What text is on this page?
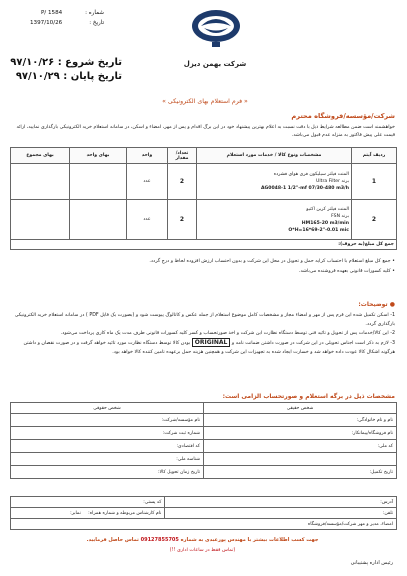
شماره : P/ 1584
تاریخ : 1397/10/26
تاریخ شروع : ۹۷/۱۰/۲۶
تاریخ پایان : ۹۷/۱۰/۲۹
شرکت بهمن دیزل
« فرم استعلام بهای الکترونیکی »
شرکت/مؤسسه/فروشگاه محترم
خواهشمند است ضمن مطالعه شرایط ذیل با دقت نسبت به اعلام بهترین پیشنهاد خود در این برگ اقدام و پس از مهر، امضاء و اسکن، در سامانه استعلام خرید الکترونیکی بارگذاری نمایید، ارائه قیمت علی پیش فاکتور به منزله عدم قبول می‌باشد.
ردیف آیتم	مشخصات ونوع کالا / خدمات مورد استعلام	تعداد/ مقدار	واحد	بهای واحد	بهای مجموع
1	المنت فیلتر سیلیکون فری هوای فشرده
برند Ultra Filter
AG0048-1 1/2"-mf 07/30-480 m3/h	2	عدد		
2	المنت فیلتر کربن اکتیو
برند FSN
HM165-20 m3/min
O*H=16*69-2"-0.01 mic	2	عدد		
جمع کل مبلغ(به حروف):					
• جمع کل مبلغ استعلام با احتساب کرایه حمل و تحویل در محل این شرکت و بدون احتساب ارزش افزوده لحاظ و درج گردد.
• کلیه کسورات قانونی بعهده فروشنده می‌باشد.
● توضیحات:
1- اسکن تکمیل شده این فرم پس از مهر و امضاء مجاز و مشخصات کامل موضوع استعلام از جمله عکس و کاتالوگ پیوست شود و (بصورت یک فایل PDF ) در سامانه استعلام خرید الکترونیکی بارگذاری گردد.
2- این کالا/خدمات پس از تحویل و تائید فنی توسط دستگاه نظارت این شرکت و اخذ صورتحساب و کسر کلیه کسورات قانونی طرف مدت یک ماه کاری پرداخت می‌شود.
3- لازم به ذکر است اجناس تحویلی در این شرکت در صورت داشتن ضمانت نامه و ORIGINAL بودن کالا توسط دستگاه نظارت مورد تائید خواهد گرفت و در صورت نقصان و داشتن هرگونه اشکال کالا عودت داده خواهد شد و خسارت ایجاد شده به تجهیزات این شرکت و همچنین هزینه حمل برعهده تامین کننده کالا خواهد بود.
مشخصات ذیل در برگه استعلام و صورتحساب الزامی است:
شخص حقیقی	شخص حقوقی
نام و نام خانوادگی:	نام مؤسسه/شرکت:
نام فروشگاه/پیمانکار:	شماره ثبت شرکت:
کد ملی:	کد اقتصادی:
	شناسه ملی:
تاریخ تکمیل:	تاریخ زمان تحویل کالا:
آدرس:	کد پستی:
تلفن:	نام کارشناس مربوطه و شماره همراه:     نمابر:
امضاء، مدیر و مهر شرکت/مؤسسه/فروشگاه	
جهت کسب اطلاعات بیشتر با مهندس پورعبدی به شماره 09127855705 تماس حاصل فرمایید.
(تماس فقط در ساعات اداری !!)
رئیس اداره پشتیبانی
